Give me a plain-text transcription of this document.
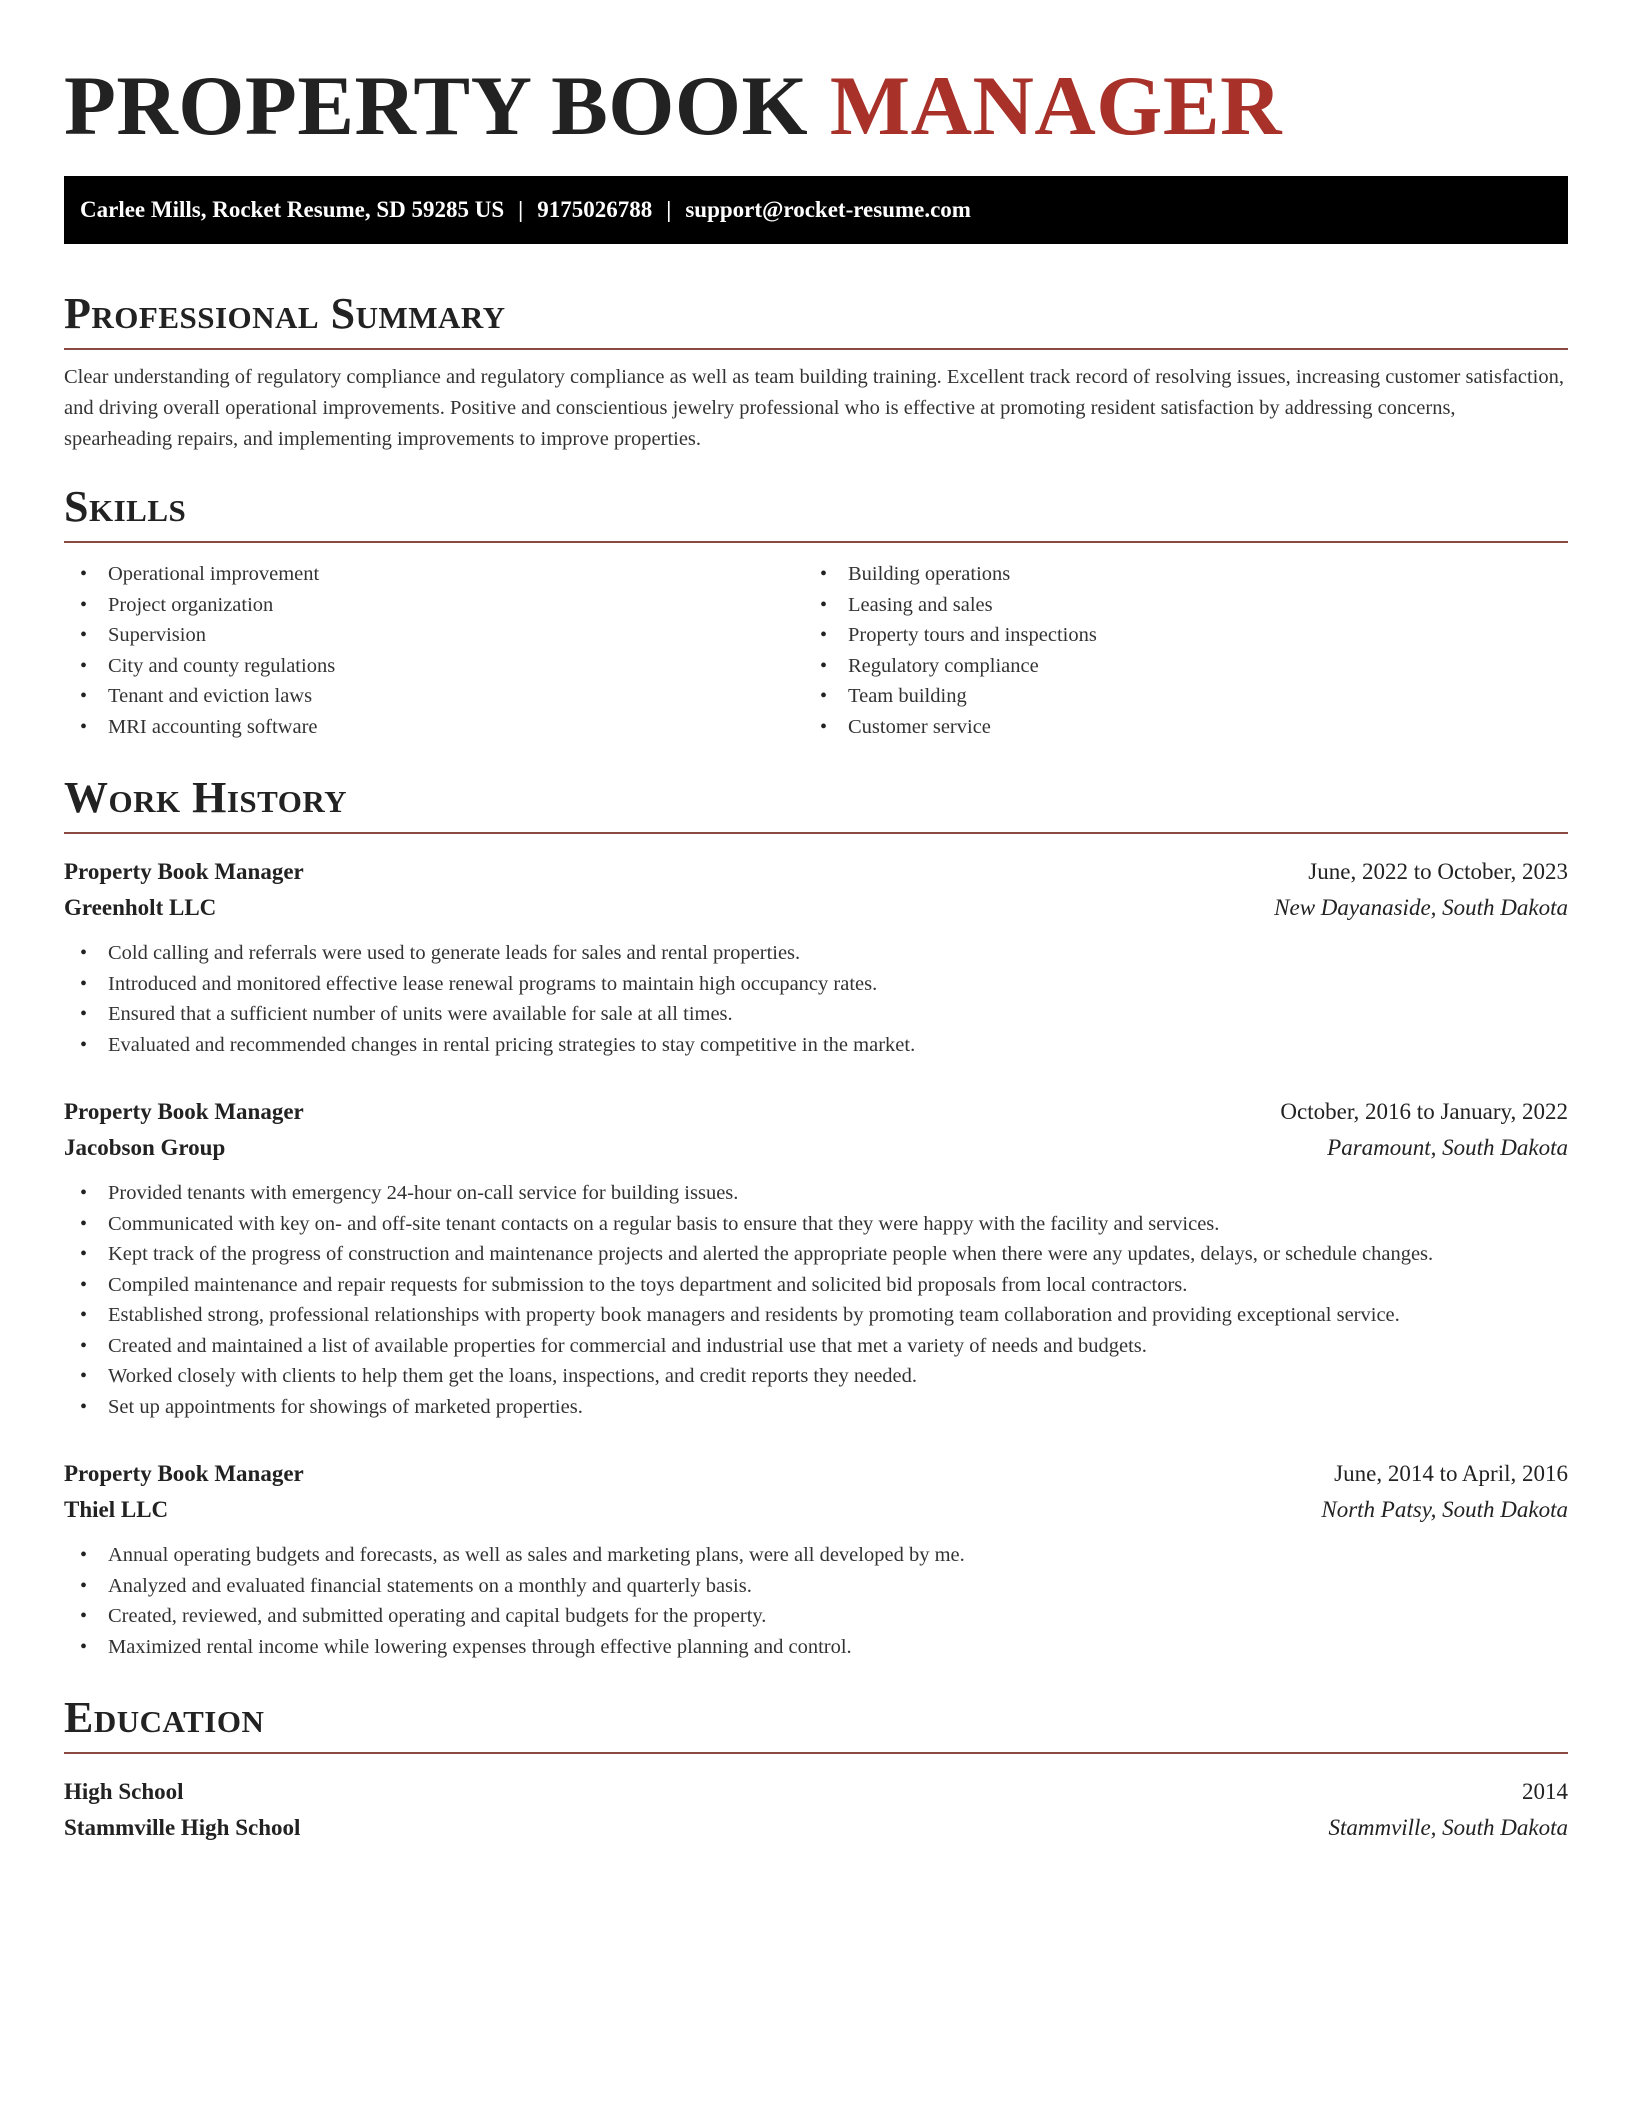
PROPERTY BOOK MANAGER
Carlee Mills, Rocket Resume, SD 59285 US | 9175026788 | support@rocket-resume.com
Professional Summary

Clear understanding of regulatory compliance and regulatory compliance as well as team building training. Excellent track record of resolving issues, increasing customer satisfaction, and driving overall operational improvements. Positive and conscientious jewelry professional who is effective at promoting resident satisfaction by addressing concerns, spearheading repairs, and implementing improvements to improve properties.

Skills
• Operational improvement
• Project organization
• Supervision
• City and county regulations
• Tenant and eviction laws
• MRI accounting software
• Building operations
• Leasing and sales
• Property tours and inspections
• Regulatory compliance
• Team building
• Customer service
Work History
Property Book Manager	June, 2022 to October, 2023
Greenholt LLC	New Dayanaside, South Dakota
• Cold calling and referrals were used to generate leads for sales and rental properties.
• Introduced and monitored effective lease renewal programs to maintain high occupancy rates.
• Ensured that a sufficient number of units were available for sale at all times.
• Evaluated and recommended changes in rental pricing strategies to stay competitive in the market.
Property Book Manager	October, 2016 to January, 2022
Jacobson Group	Paramount, South Dakota
• Provided tenants with emergency 24-hour on-call service for building issues.
• Communicated with key on- and off-site tenant contacts on a regular basis to ensure that they were happy with the facility and services.
• Kept track of the progress of construction and maintenance projects and alerted the appropriate people when there were any updates, delays, or schedule changes.
• Compiled maintenance and repair requests for submission to the toys department and solicited bid proposals from local contractors.
• Established strong, professional relationships with property book managers and residents by promoting team collaboration and providing exceptional service.
• Created and maintained a list of available properties for commercial and industrial use that met a variety of needs and budgets.
• Worked closely with clients to help them get the loans, inspections, and credit reports they needed.
• Set up appointments for showings of marketed properties.
Property Book Manager	June, 2014 to April, 2016
Thiel LLC	North Patsy, South Dakota
• Annual operating budgets and forecasts, as well as sales and marketing plans, were all developed by me.
• Analyzed and evaluated financial statements on a monthly and quarterly basis.
• Created, reviewed, and submitted operating and capital budgets for the property.
• Maximized rental income while lowering expenses through effective planning and control.
Education
High School	2014
Stammville High School	Stammville, South Dakota
